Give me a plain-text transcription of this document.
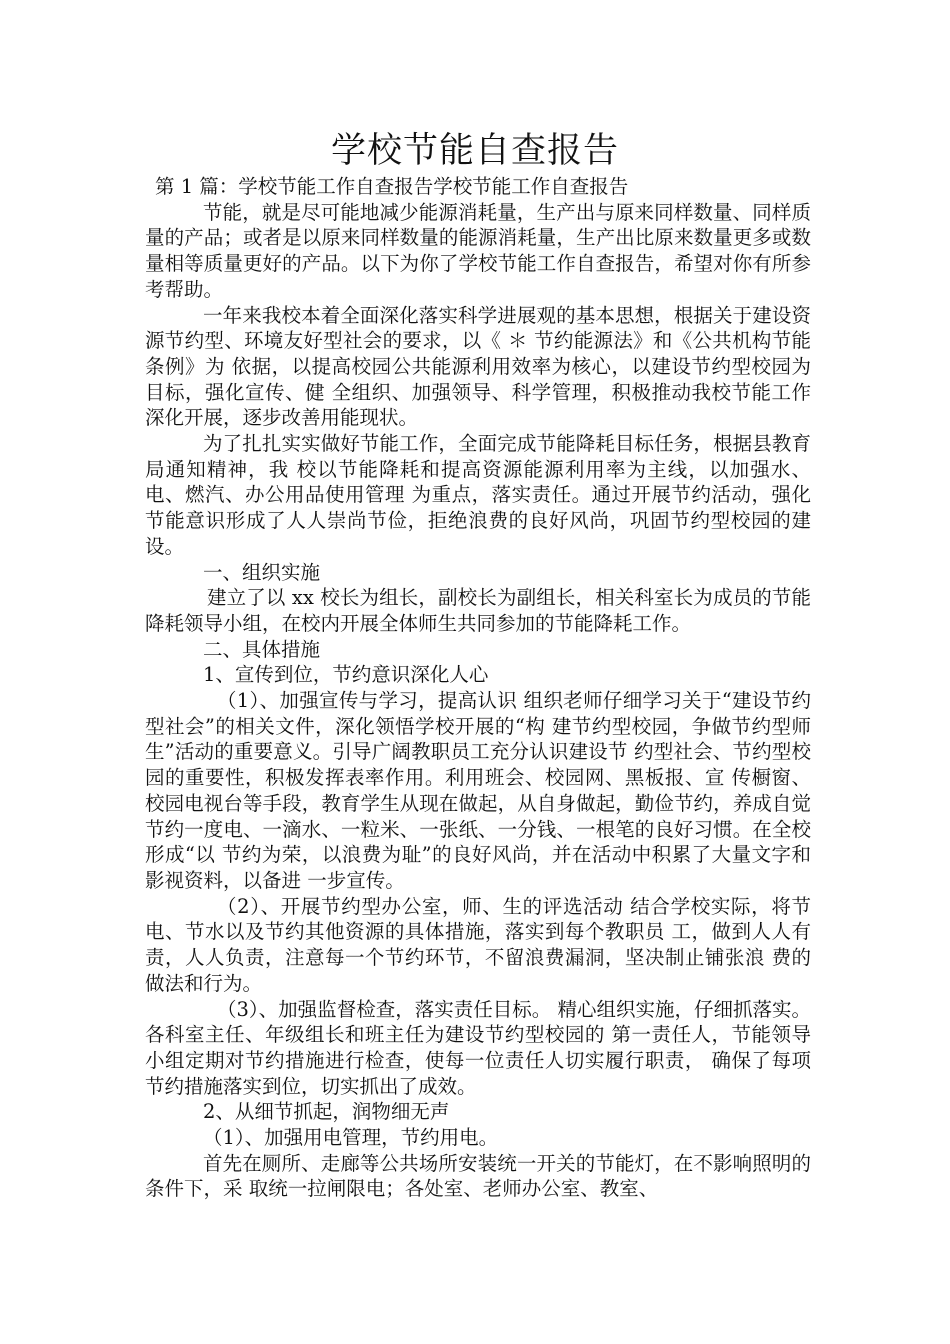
学校节能自查报告

第 1 篇：学校节能工作自查报告学校节能工作自查报告

节能，就是尽可能地减少能源消耗量，生产出与原来同样数量、同样质量的产品；或者是以原来同样数量的能源消耗量，生产出比原来数量更多或数量相等质量更好的产品。以下为你了学校节能工作自查报告，希望对你有所参考帮助。

一年来我校本着全面深化落实科学进展观的基本思想，根据关于建设资源节约型、环境友好型社会的要求，以《 ＊ 节约能源法》和《公共机构节能条例》为 依据，以提高校园公共能源利用效率为核心，以建设节约型校园为目标，强化宣传、健 全组织、加强领导、科学管理，积极推动我校节能工作深化开展，逐步改善用能现状。

为了扎扎实实做好节能工作，全面完成节能降耗目标任务，根据县教育局通知精神，我 校以节能降耗和提高资源能源利用率为主线，以加强水、电、燃汽、办公用品使用管理 为重点，落实责任。通过开展节约活动，强化节能意识形成了人人崇尚节俭，拒绝浪费的良好风尚，巩固节约型校园的建设。

一、组织实施

建立了以 xx 校长为组长，副校长为副组长，相关科室长为成员的节能降耗领导小组，在校内开展全体师生共同参加的节能降耗工作。

二、具体措施

1、宣传到位，节约意识深化人心

（1）、加强宣传与学习，提高认识 组织老师仔细学习关于“建设节约型社会”的相关文件，深化领悟学校开展的“构 建节约型校园，争做节约型师生”活动的重要意义。引导广阔教职员工充分认识建设节 约型社会、节约型校园的重要性，积极发挥表率作用。利用班会、校园网、黑板报、宣 传橱窗、校园电视台等手段，教育学生从现在做起，从自身做起，勤俭节约，养成自觉 节约一度电、一滴水、一粒米、一张纸、一分钱、一根笔的良好习惯。在全校形成“以 节约为荣，以浪费为耻”的良好风尚，并在活动中积累了大量文字和影视资料，以备进 一步宣传。

（2）、开展节约型办公室，师、生的评选活动 结合学校实际，将节电、节水以及节约其他资源的具体措施，落实到每个教职员 工，做到人人有责，人人负责，注意每一个节约环节，不留浪费漏洞，坚决制止铺张浪 费的做法和行为。

（3）、加强监督检查，落实责任目标。 精心组织实施，仔细抓落实。各科室主任、年级组长和班主任为建设节约型校园的 第一责任人，节能领导小组定期对节约措施进行检查，使每一位责任人切实履行职责， 确保了每项节约措施落实到位，切实抓出了成效。

2、从细节抓起，润物细无声

（1）、加强用电管理，节约用电。

首先在厕所、走廊等公共场所安装统一开关的节能灯，在不影响照明的条件下，采 取统一拉闸限电；各处室、老师办公室、教室、
